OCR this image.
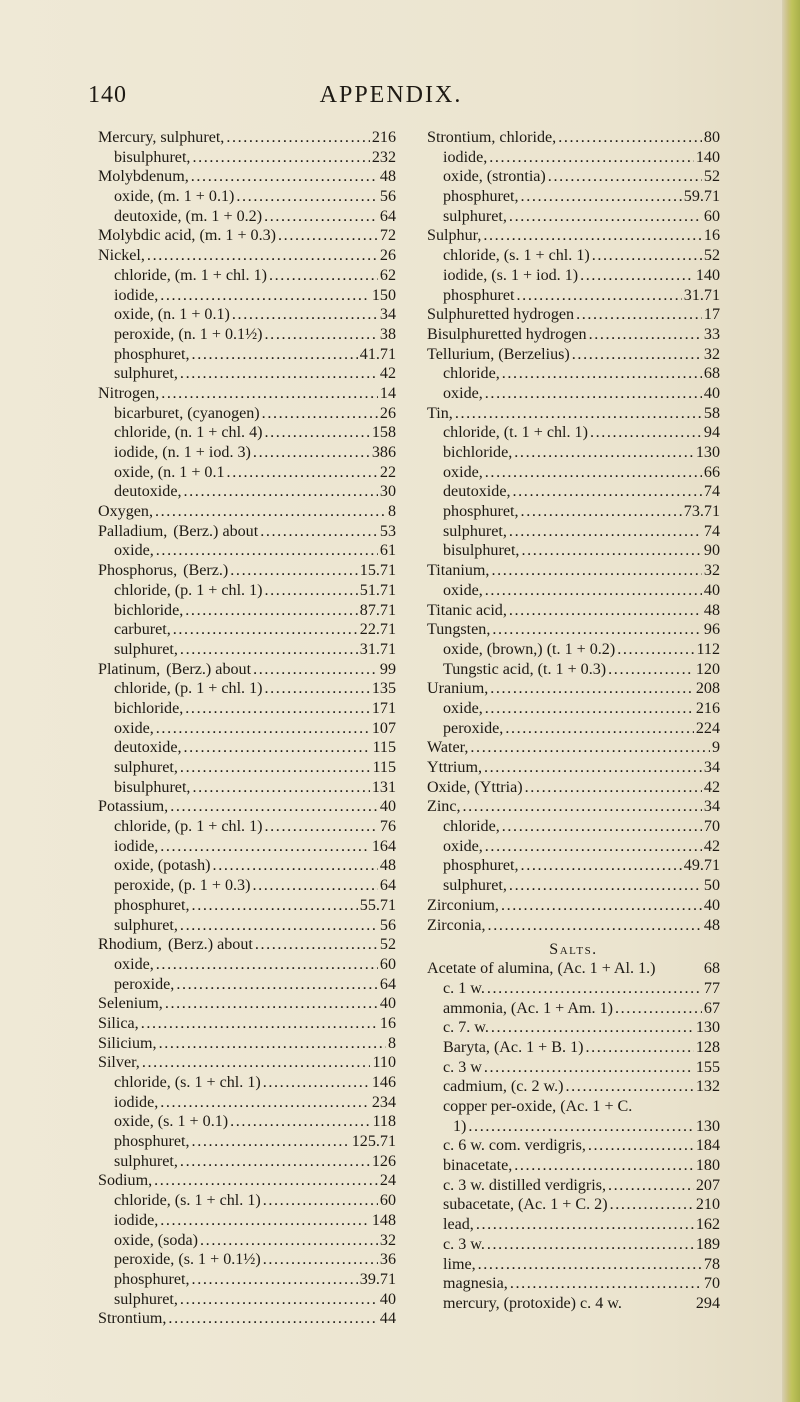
140	APPENDIX.
Mercury, sulphuret, . . .	216
bisulphuret, . . .	232
Molybdenum, . . .	48
oxide, (m. 1 + 0.1) . . .	56
deutoxide, (m. 1 + 0.2) . . .	64
Molybdic acid, (m. 1 + 0.3) . . .	72
Nickel, . . .	26
chloride, (m. 1 + chl. 1) . . .	62
iodide, . . .	150
oxide, (n. 1 + 0.1) . . .	34
peroxide, (n. 1 + 0.1½) . . .	38
phosphuret, . . .	41.71
sulphuret, . . .	42
Nitrogen, . . .	14
bicarburet, (cyanogen) . . .	26
chloride, (n. 1 + chl. 4) . . .	158
iodide, (n. 1 + iod. 3) . . .	386
oxide, (n. 1 + 0.1 . . .	22
deutoxide, . . .	30
Oxygen, . . .	8
Palladium, (Berz.) about . . .	53
oxide, . . .	61
Phosphorus, (Berz.) . . .	15.71
chloride, (p. 1 + chl. 1) . . .	51.71
bichloride, . . .	87.71
carburet, . . .	22.71
sulphuret, . . .	31.71
Platinum, (Berz.) about . . .	99
chloride, (p. 1 + chl. 1) . . .	135
bichloride, . . .	171
oxide, . . .	107
deutoxide, . . .	115
sulphuret, . . .	115
bisulphuret, . . .	131
Potassium, . . .	40
chloride, (p. 1 + chl. 1) . . .	76
iodide, . . .	164
oxide, (potash) . . .	48
peroxide, (p. 1 + 0.3) . . .	64
phosphuret, . . .	55.71
sulphuret, . . .	56
Rhodium, (Berz.) about . . .	52
oxide, . . .	60
peroxide, . . .	64
Selenium, . . .	40
Silica, . . .	16
Silicium, . . .	8
Silver, . . .	110
chloride, (s. 1 + chl. 1) . . .	146
iodide, . . .	234
oxide, (s. 1 + 0.1) . . .	118
phosphuret, . . .	125.71
sulphuret, . . .	126
Sodium, . . .	24
chloride, (s. 1 + chl. 1) . . .	60
iodide, . . .	148
oxide, (soda) . . .	32
peroxide, (s. 1 + 0.1½) . . .	36
phosphuret, . . .	39.71
sulphuret, . . .	40
Strontium, . . .	44
Strontium, chloride, . . .	80
iodide, . . .	140
oxide, (strontia) . . .	52
phosphuret, . . .	59.71
sulphuret, . . .	60
Sulphur, . . .	16
chloride, (s. 1 + chl. 1) . . .	52
iodide, (s. 1 + iod. 1) . . .	140
phosphuret . . .	31.71
Sulphuretted hydrogen . . .	17
Bisulphuretted hydrogen . . .	33
Tellurium, (Berzelius) . . .	32
chloride, . . .	68
oxide, . . .	40
Tin, . . .	58
chloride, (t. 1 + chl. 1) . . .	94
bichloride, . . .	130
oxide, . . .	66
deutoxide, . . .	74
phosphuret, . . .	73.71
sulphuret, . . .	74
bisulphuret, . . .	90
Titanium, . . .	32
oxide, . . .	40
Titanic acid, . . .	48
Tungsten, . . .	96
oxide, (brown,) (t. 1 + 0.2) . . .	112
Tungstic acid, (t. 1 + 0.3) . . .	120
Uranium, . . .	208
oxide, . . .	216
peroxide, . . .	224
Water, . . .	9
Yttrium, . . .	34
Oxide, (Yttria) . . .	42
Zinc, . . .	34
chloride, . . .	70
oxide, . . .	42
phosphuret, . . .	49.71
sulphuret, . . .	50
Zirconium, . . .	40
Zirconia, . . .	48
Salts.
Acetate of alumina, (Ac. 1 + Al. 1.)	68
c. 1 w. . . .	77
ammonia, (Ac. 1 + Am. 1) . . .	67
c. 7. w. . . .	130
Baryta, (Ac. 1 + B. 1) . . .	128
c. 3 w . . .	155
cadmium, (c. 2 w.) . . .	132
copper per-oxide, (Ac. 1 + C.
1) . . .	130
c. 6 w. com. verdigris, . . .	184
binacetate, . . .	180
c. 3 w. distilled verdigris, . . .	207
subacetate, (Ac. 1 + C. 2) . . .	210
lead, . . .	162
c. 3 w. . . .	189
lime, . . .	78
magnesia, . . .	70
mercury, (protoxide) c. 4 w.	294
